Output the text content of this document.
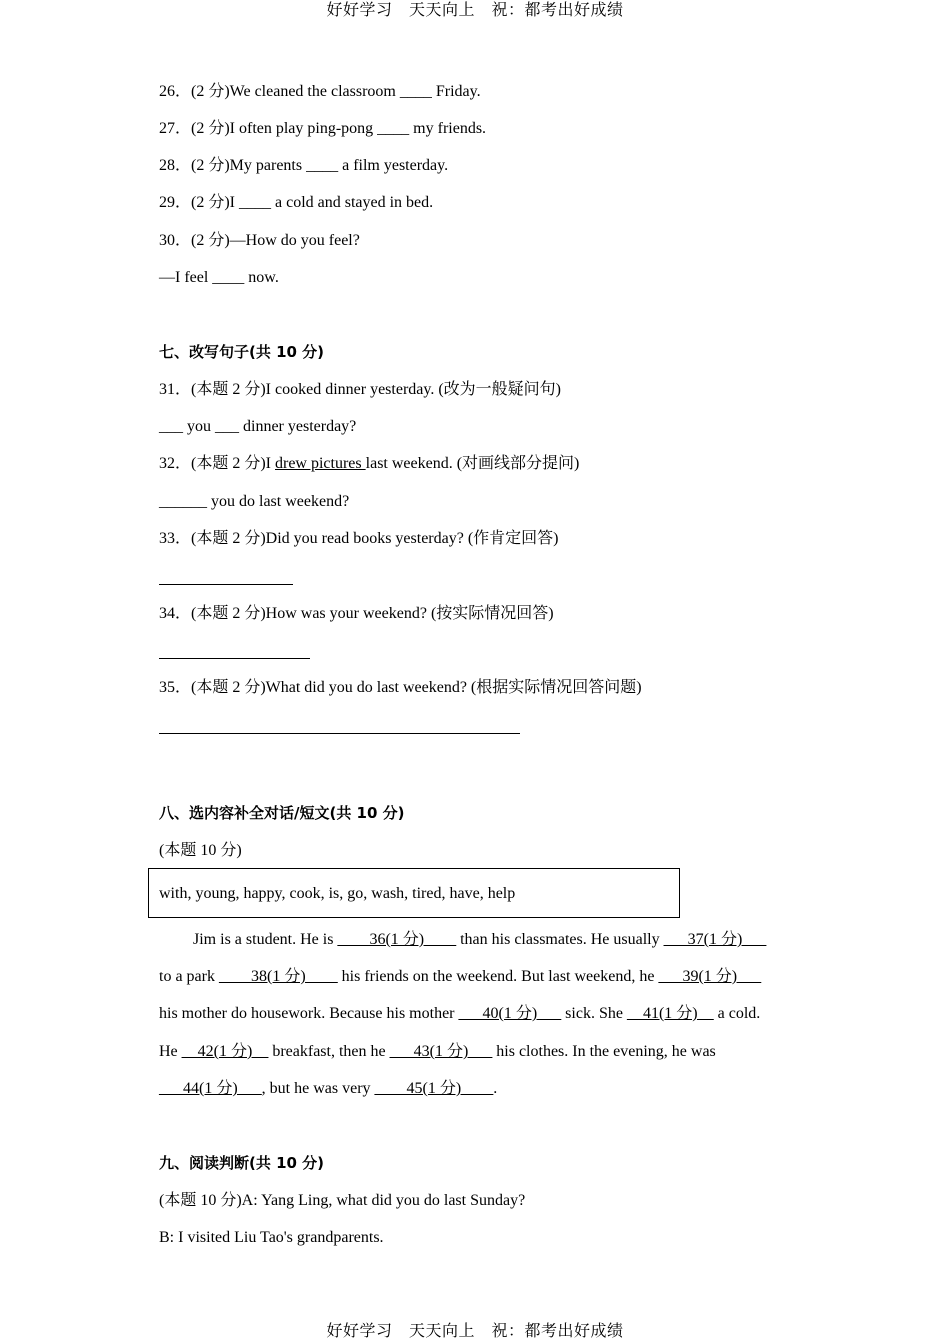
好好学习　天天向上　祝：都考出好成绩
26．(2 分)We cleaned the classroom ____ Friday.
27．(2 分)I often play ping-pong ____ my friends.
28．(2 分)My parents ____ a film yesterday.
29．(2 分)I ____ a cold and stayed in bed.
30．(2 分)—How do you feel?
—I feel ____ now.
七、改写句子(共 10 分)
31．(本题 2 分)I cooked dinner yesterday. (改为一般疑问句)
___ you ___ dinner yesterday?
32．(本题 2 分)I drew pictures last weekend. (对画线部分提问)
______ you do last weekend?
33．(本题 2 分)Did you read books yesterday? (作肯定回答)
34．(本题 2 分)How was your weekend? (按实际情况回答)
35．(本题 2 分)What did you do last weekend? (根据实际情况回答问题)
八、选内容补全对话/短文(共 10 分)
(本题 10 分)
with, young, happy, cook, is, go, wash, tired, have, help
Jim is a student. He is ____36(1 分)____ than his classmates. He usually ___37(1 分)___
to a park ____38(1 分)____ his friends on the weekend. But last weekend, he ___39(1 分)___
his mother do housework. Because his mother ___40(1 分)___ sick. She __41(1 分)__ a cold.
He __42(1 分)__ breakfast, then he ___43(1 分)___ his clothes. In the evening, he was
___44(1 分)___, but he was very ____45(1 分)____.
九、阅读判断(共 10 分)
(本题 10 分)A: Yang Ling, what did you do last Sunday?
B: I visited Liu Tao's grandparents.
好好学习　天天向上　祝：都考出好成绩
